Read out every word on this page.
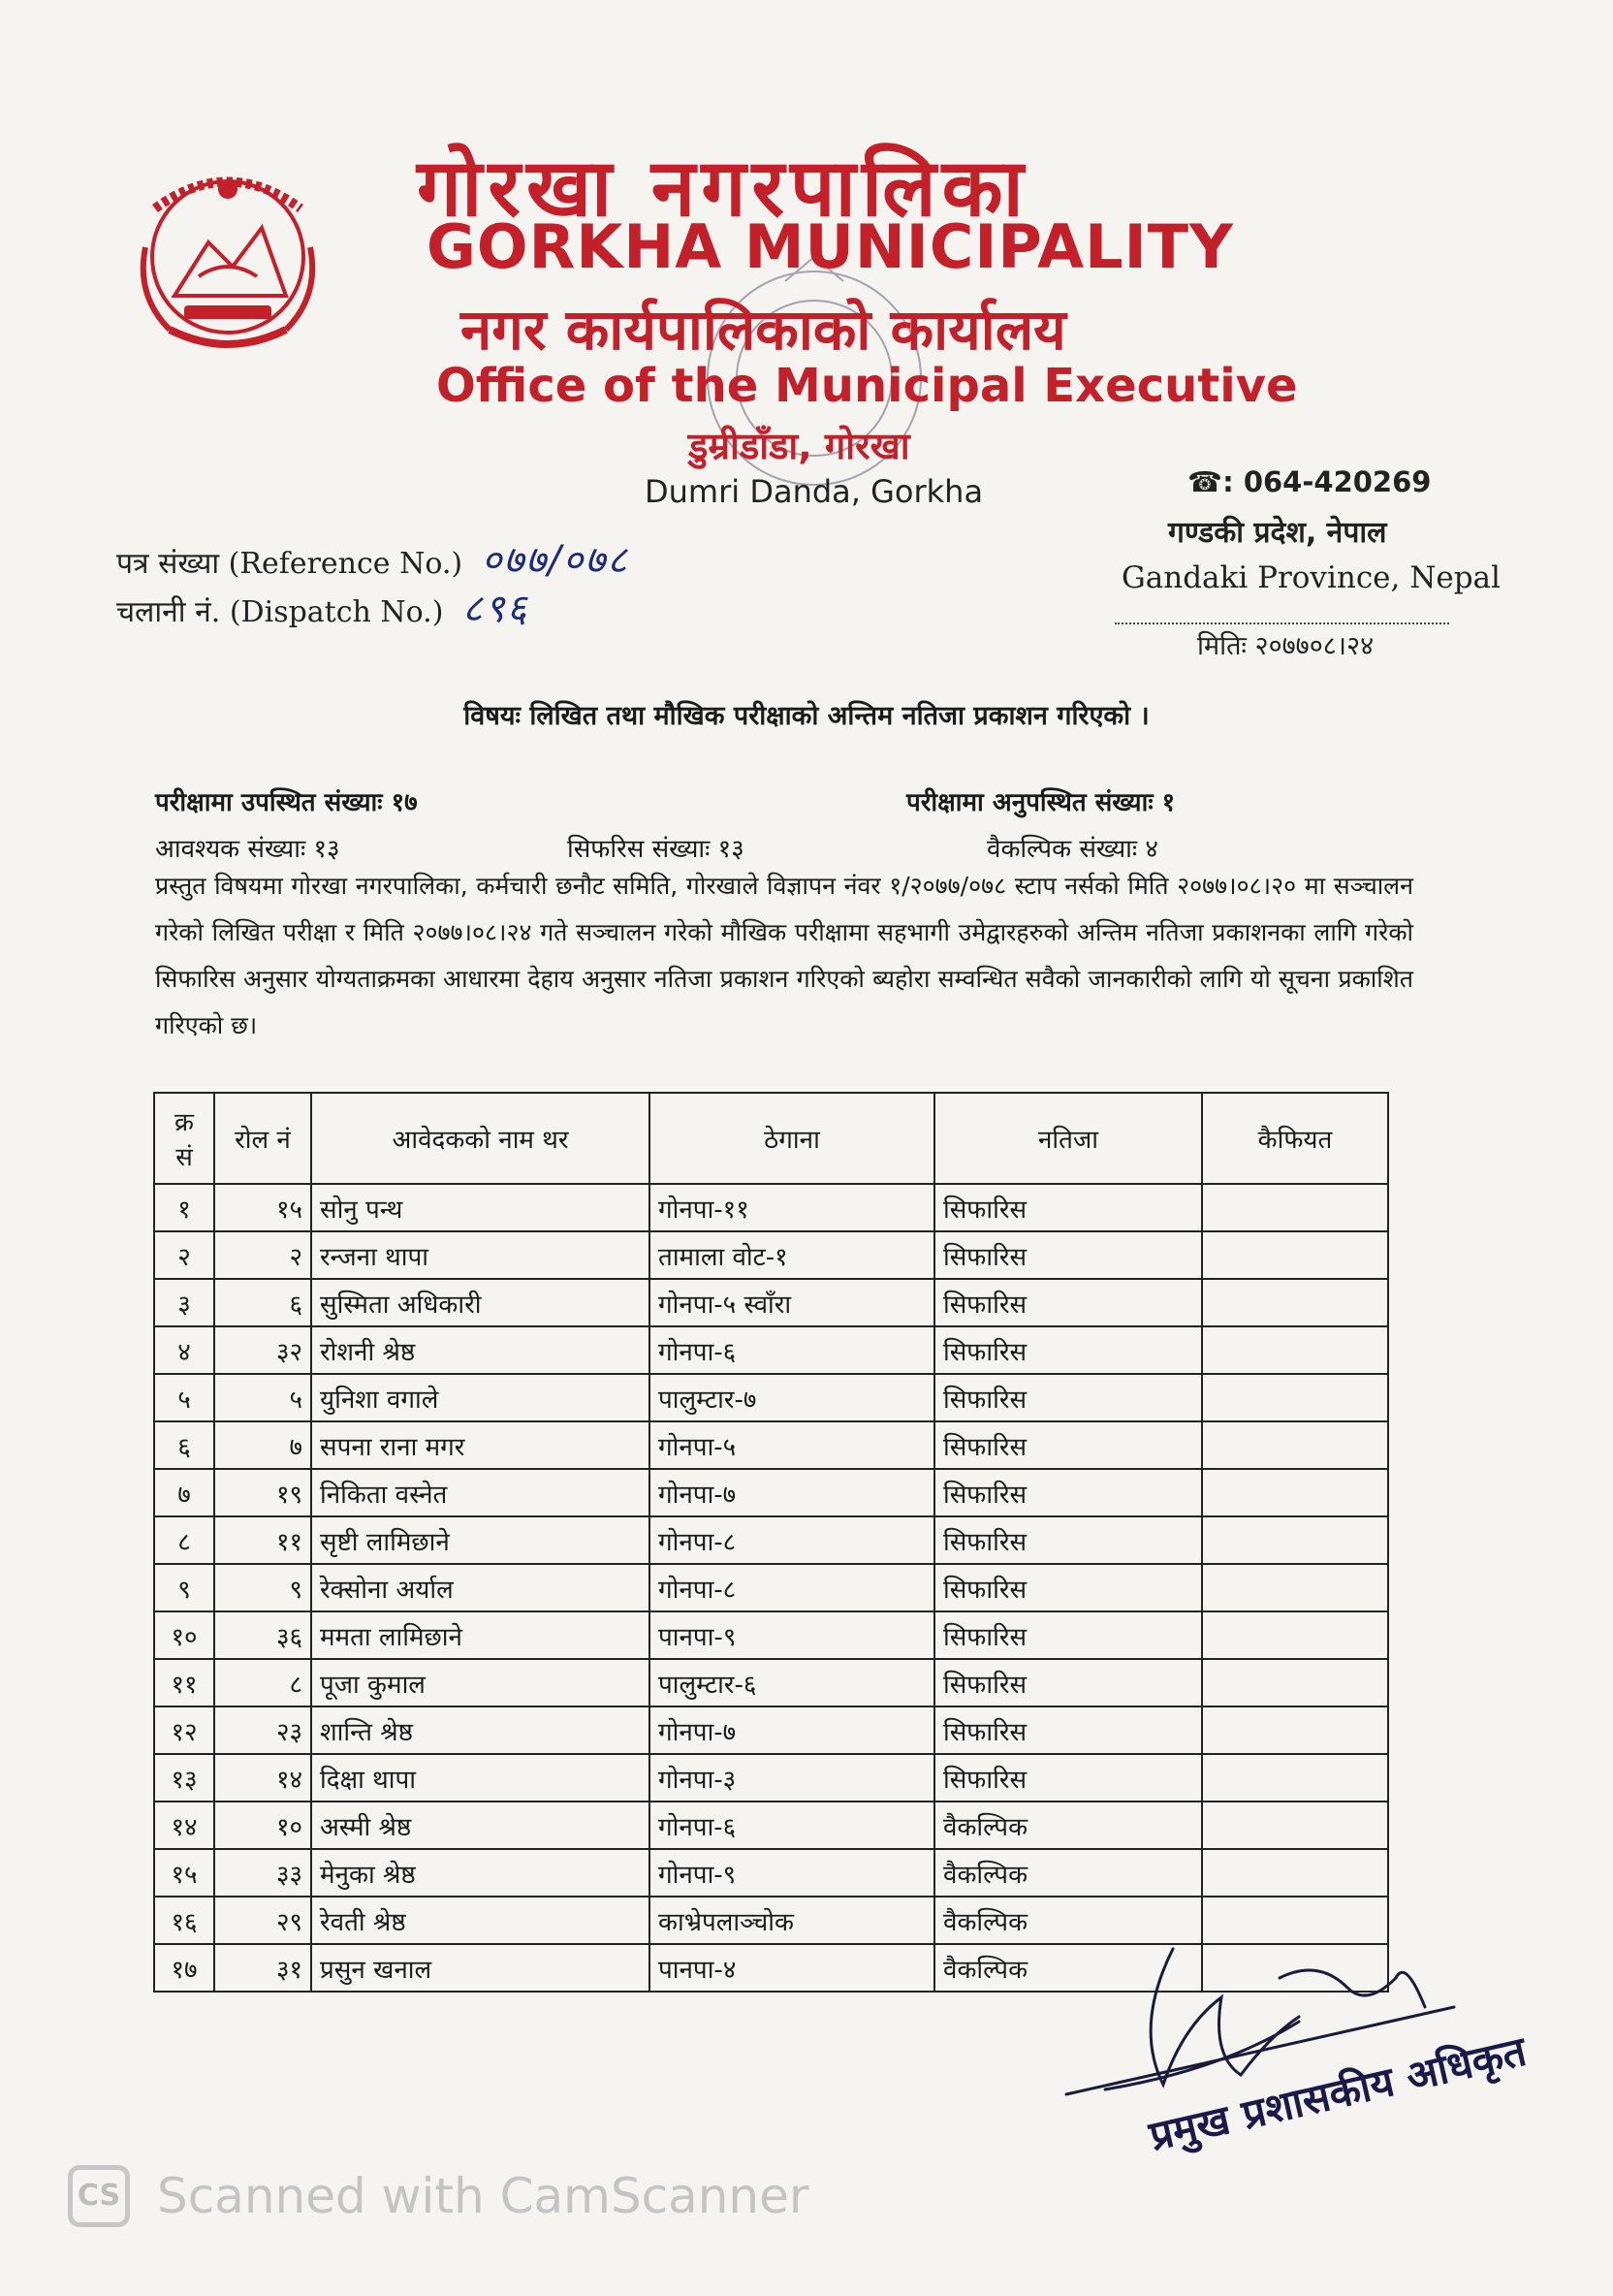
गोरखा नगरपालिका
GORKHA MUNICIPALITY
नगर कार्यपालिकाको कार्यालय
Office of the Municipal Executive
डुम्रीडाँडा, गोरखा
Dumri Danda, Gorkha	☎: 064-420269
गण्डकी प्रदेश, नेपाल
Gandaki Province, Nepal
पत्र संख्या (Reference No.) ०७७/०७८
चलानी नं. (Dispatch No.) ८९६
मितिः २०७७०८।२४
विषयः लिखित तथा मौखिक परीक्षाको अन्तिम नतिजा प्रकाशन गरिएको ।
परीक्षामा उपस्थित संख्याः १७	परीक्षामा अनुपस्थित संख्याः १
आवश्यक संख्याः १३	सिफरिस संख्याः १३	वैकल्पिक संख्याः ४
प्रस्तुत विषयमा गोरखा नगरपालिका, कर्मचारी छनौट समिति, गोरखाले विज्ञापन नंवर १/२०७७/०७८ स्टाप नर्सको मिति २०७७।०८।२० मा सञ्चालन गरेको लिखित परीक्षा र मिति २०७७।०८।२४ गते सञ्चालन गरेको मौखिक परीक्षामा सहभागी उमेद्वारहरुको अन्तिम नतिजा प्रकाशनका लागि गरेको सिफारिस अनुसार योग्यताक्रमका आधारमा देहाय अनुसार नतिजा प्रकाशन गरिएको ब्यहोरा सम्वन्धित सवैको जानकारीको लागि यो सूचना प्रकाशित गरिएको छ।
क्र सं	रोल नं	आवेदकको नाम थर	ठेगाना	नतिजा	कैफियत
१	१५	सोनु पन्थ	गोनपा-११	सिफारिस	
२	२	रन्जना थापा	तामाला वोट-१	सिफारिस	
३	६	सुस्मिता अधिकारी	गोनपा-५ स्वाँरा	सिफारिस	
४	३२	रोशनी श्रेष्ठ	गोनपा-६	सिफारिस	
५	५	युनिशा वगाले	पालुम्टार-७	सिफारिस	
६	७	सपना राना मगर	गोनपा-५	सिफारिस	
७	१९	निकिता वस्नेत	गोनपा-७	सिफारिस	
८	११	सृष्टी लामिछाने	गोनपा-८	सिफारिस	
९	९	रेक्सोना अर्याल	गोनपा-८	सिफारिस	
१०	३६	ममता लामिछाने	पानपा-९	सिफारिस	
११	८	पूजा कुमाल	पालुम्टार-६	सिफारिस	
१२	२३	शान्ति श्रेष्ठ	गोनपा-७	सिफारिस	
१३	१४	दिक्षा थापा	गोनपा-३	सिफारिस	
१४	१०	अस्मी श्रेष्ठ	गोनपा-६	वैकल्पिक	
१५	३३	मेनुका श्रेष्ठ	गोनपा-९	वैकल्पिक	
१६	२९	रेवती श्रेष्ठ	काभ्रेपलाञ्चोक	वैकल्पिक	
१७	३१	प्रसुन खनाल	पानपा-४	वैकल्पिक	
प्रमुख प्रशासकीय अधिकृत
CS Scanned with CamScanner
